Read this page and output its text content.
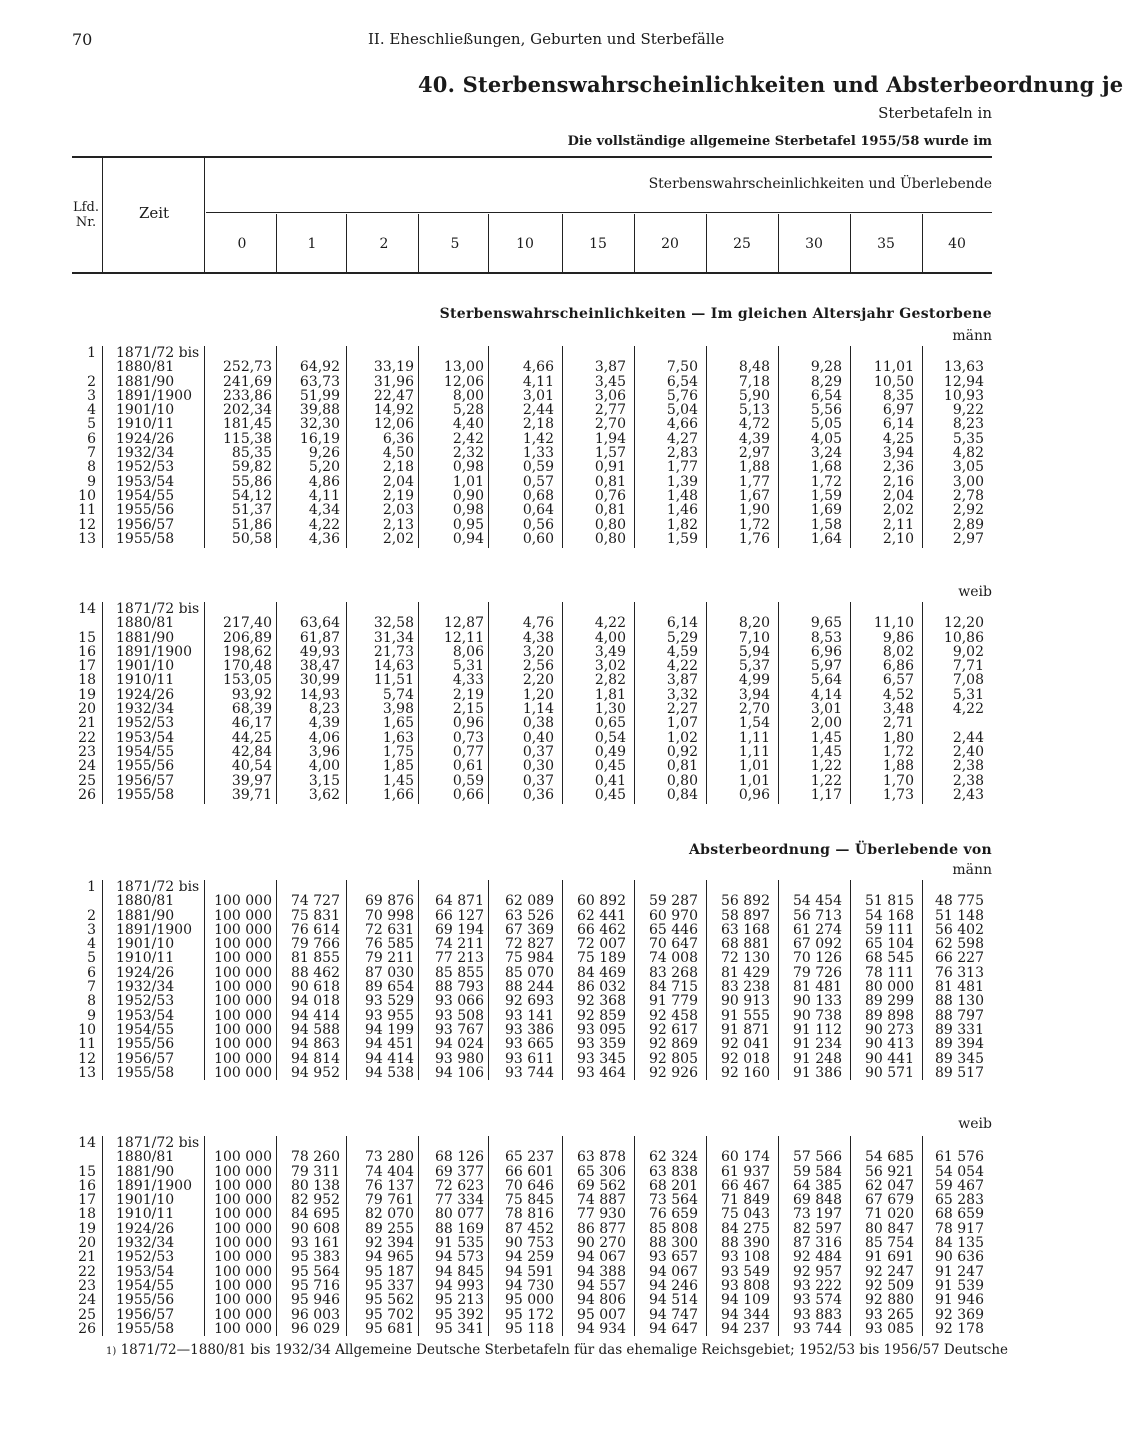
70	II. Eheschließungen, Geburten und Sterbefälle
40. Sterbenswahrscheinlichkeiten und Absterbeordnung je
Sterbetafeln in
Die vollständige allgemeine Sterbetafel 1955/58 wurde im
Lfd. Nr.
Zeit
Sterbenswahrscheinlichkeiten und Überlebende
0	1	2	5	10	15	20	25	30	35	40
Sterbenswahrscheinlichkeiten — Im gleichen Altersjahr Gestorbene
männ
1	1871/72 bis											
	1880/81	252,73	64,92	33,19	13,00	4,66	3,87	7,50	8,48	9,28	11,01	13,63
2	1881/90	241,69	63,73	31,96	12,06	4,11	3,45	6,54	7,18	8,29	10,50	12,94
3	1891/1900	233,86	51,99	22,47	8,00	3,01	3,06	5,76	5,90	6,54	8,35	10,93
4	1901/10	202,34	39,88	14,92	5,28	2,44	2,77	5,04	5,13	5,56	6,97	9,22
5	1910/11	181,45	32,30	12,06	4,40	2,18	2,70	4,66	4,72	5,05	6,14	8,23
6	1924/26	115,38	16,19	6,36	2,42	1,42	1,94	4,27	4,39	4,05	4,25	5,35
7	1932/34	85,35	9,26	4,50	2,32	1,33	1,57	2,83	2,97	3,24	3,94	4,82
8	1952/53	59,82	5,20	2,18	0,98	0,59	0,91	1,77	1,88	1,68	2,36	3,05
9	1953/54	55,86	4,86	2,04	1,01	0,57	0,81	1,39	1,77	1,72	2,16	3,00
10	1954/55	54,12	4,11	2,19	0,90	0,68	0,76	1,48	1,67	1,59	2,04	2,78
11	1955/56	51,37	4,34	2,03	0,98	0,64	0,81	1,46	1,90	1,69	2,02	2,92
12	1956/57	51,86	4,22	2,13	0,95	0,56	0,80	1,82	1,72	1,58	2,11	2,89
13	1955/58	50,58	4,36	2,02	0,94	0,60	0,80	1,59	1,76	1,64	2,10	2,97
weib
14	1871/72 bis											
	1880/81	217,40	63,64	32,58	12,87	4,76	4,22	6,14	8,20	9,65	11,10	12,20
15	1881/90	206,89	61,87	31,34	12,11	4,38	4,00	5,29	7,10	8,53	9,86	10,86
16	1891/1900	198,62	49,93	21,73	8,06	3,20	3,49	4,59	5,94	6,96	8,02	9,02
17	1901/10	170,48	38,47	14,63	5,31	2,56	3,02	4,22	5,37	5,97	6,86	7,71
18	1910/11	153,05	30,99	11,51	4,33	2,20	2,82	3,87	4,99	5,64	6,57	7,08
19	1924/26	93,92	14,93	5,74	2,19	1,20	1,81	3,32	3,94	4,14	4,52	5,31
20	1932/34	68,39	8,23	3,98	2,15	1,14	1,30	2,27	2,70	3,01	3,48	4,22
21	1952/53	46,17	4,39	1,65	0,96	0,38	0,65	1,07	1,54	2,00	2,71	
22	1953/54	44,25	4,06	1,63	0,73	0,40	0,54	1,02	1,11	1,45	1,80	2,44
23	1954/55	42,84	3,96	1,75	0,77	0,37	0,49	0,92	1,11	1,45	1,72	2,40
24	1955/56	40,54	4,00	1,85	0,61	0,30	0,45	0,81	1,01	1,22	1,88	2,38
25	1956/57	39,97	3,15	1,45	0,59	0,37	0,41	0,80	1,01	1,22	1,70	2,38
26	1955/58	39,71	3,62	1,66	0,66	0,36	0,45	0,84	0,96	1,17	1,73	2,43
Absterbeordnung — Überlebende von
männ
1	1871/72 bis											
	1880/81	100 000	74 727	69 876	64 871	62 089	60 892	59 287	56 892	54 454	51 815	48 775
2	1881/90	100 000	75 831	70 998	66 127	63 526	62 441	60 970	58 897	56 713	54 168	51 148
3	1891/1900	100 000	76 614	72 631	69 194	67 369	66 462	65 446	63 168	61 274	59 111	56 402
4	1901/10	100 000	79 766	76 585	74 211	72 827	72 007	70 647	68 881	67 092	65 104	62 598
5	1910/11	100 000	81 855	79 211	77 213	75 984	75 189	74 008	72 130	70 126	68 545	66 227
6	1924/26	100 000	88 462	87 030	85 855	85 070	84 469	83 268	81 429	79 726	78 111	76 313
7	1932/34	100 000	90 618	89 654	88 793	88 244	86 032	84 715	83 238	81 481	80 000	81 481
8	1952/53	100 000	94 018	93 529	93 066	92 693	92 368	91 779	90 913	90 133	89 299	88 130
9	1953/54	100 000	94 414	93 955	93 508	93 141	92 859	92 458	91 555	90 738	89 898	88 797
10	1954/55	100 000	94 588	94 199	93 767	93 386	93 095	92 617	91 871	91 112	90 273	89 331
11	1955/56	100 000	94 863	94 451	94 024	93 665	93 359	92 869	92 041	91 234	90 413	89 394
12	1956/57	100 000	94 814	94 414	93 980	93 611	93 345	92 805	92 018	91 248	90 441	89 345
13	1955/58	100 000	94 952	94 538	94 106	93 744	93 464	92 926	92 160	91 386	90 571	89 517
weib
14	1871/72 bis											
	1880/81	100 000	78 260	73 280	68 126	65 237	63 878	62 324	60 174	57 566	54 685	61 576
15	1881/90	100 000	79 311	74 404	69 377	66 601	65 306	63 838	61 937	59 584	56 921	54 054
16	1891/1900	100 000	80 138	76 137	72 623	70 646	69 562	68 201	66 467	64 385	62 047	59 467
17	1901/10	100 000	82 952	79 761	77 334	75 845	74 887	73 564	71 849	69 848	67 679	65 283
18	1910/11	100 000	84 695	82 070	80 077	78 816	77 930	76 659	75 043	73 197	71 020	68 659
19	1924/26	100 000	90 608	89 255	88 169	87 452	86 877	85 808	84 275	82 597	80 847	78 917
20	1932/34	100 000	93 161	92 394	91 535	90 753	90 270	88 300	88 390	87 316	85 754	84 135
21	1952/53	100 000	95 383	94 965	94 573	94 259	94 067	93 657	93 108	92 484	91 691	90 636
22	1953/54	100 000	95 564	95 187	94 845	94 591	94 388	94 067	93 549	92 957	92 247	91 247
23	1954/55	100 000	95 716	95 337	94 993	94 730	94 557	94 246	93 808	93 222	92 509	91 539
24	1955/56	100 000	95 946	95 562	95 213	95 000	94 806	94 514	94 109	93 574	92 880	91 946
25	1956/57	100 000	96 003	95 702	95 392	95 172	95 007	94 747	94 344	93 883	93 265	92 369
26	1955/58	100 000	96 029	95 681	95 341	95 118	94 934	94 647	94 237	93 744	93 085	92 178
1) 1871/72—1880/81 bis 1932/34 Allgemeine Deutsche Sterbetafeln für das ehemalige Reichsgebiet; 1952/53 bis 1956/57 Deutsche
